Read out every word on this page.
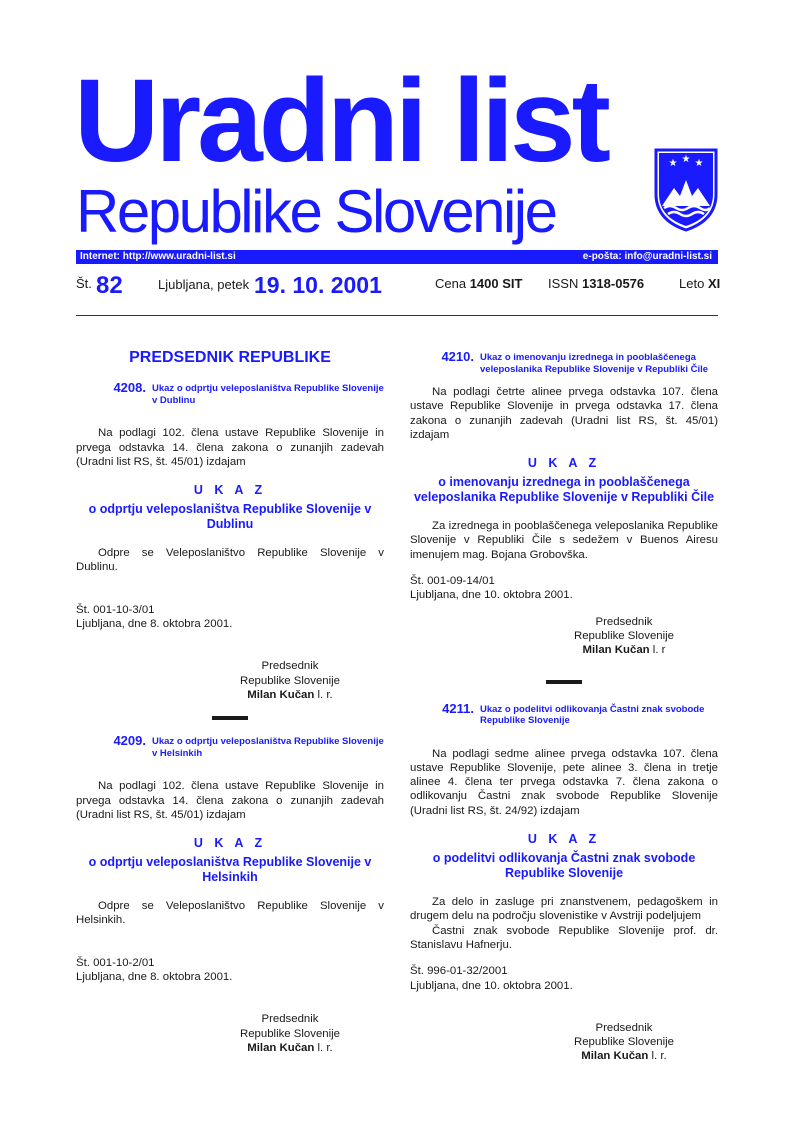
Uradni list
Republike Slovenije
★ ★ ★
Internet: http://www.uradni-list.si	e-pošta: info@uradni-list.si
Št. 82	Ljubljana, petek 19. 10. 2001	Cena 1400 SIT ISSN 1318-0576	Leto XI
PREDSEDNIK REPUBLIKE
4208. Ukaz o odprtju veleposlaništva Republike Slovenije v Dublinu

Na podlagi 102. člena ustave Republike Slovenije in prvega odstavka 14. člena zakona o zunanjih zadevah (Uradni list RS, št. 45/01) izdajam

U K A Z
o odprtju veleposlaništva Republike Slovenije v Dublinu

Odpre se Veleposlaništvo Republike Slovenije v Dublinu.

Št. 001-10-3/01

Ljubljana, dne 8. oktobra 2001.

Predsednik
Republike Slovenije
Milan Kučan l. r.
4209. Ukaz o odprtju veleposlaništva Republike Slovenije v Helsinkih

Na podlagi 102. člena ustave Republike Slovenije in prvega odstavka 14. člena zakona o zunanjih zadevah (Uradni list RS, št. 45/01) izdajam

U K A Z
o odprtju veleposlaništva Republike Slovenije v Helsinkih

Odpre se Veleposlaništvo Republike Slovenije v Helsinkih.

Št. 001-10-2/01

Ljubljana, dne 8. oktobra 2001.

Predsednik
Republike Slovenije
Milan Kučan l. r.
4210. Ukaz o imenovanju izrednega in pooblaščenega veleposlanika Republike Slovenije v Republiki Čile

Na podlagi četrte alinee prvega odstavka 107. člena ustave Republike Slovenije in prvega odstavka 17. člena zakona o zunanjih zadevah (Uradni list RS, št. 45/01) izdajam

U K A Z
o imenovanju izrednega in pooblaščenega veleposlanika Republike Slovenije v Republiki Čile

Za izrednega in pooblaščenega veleposlanika Republike Slovenije v Republiki Čile s sedežem v Buenos Airesu imenujem mag. Bojana Grobovška.

Št. 001-09-14/01

Ljubljana, dne 10. oktobra 2001.

Predsednik
Republike Slovenije
Milan Kučan l. r
4211. Ukaz o podelitvi odlikovanja Častni znak svobode Republike Slovenije

Na podlagi sedme alinee prvega odstavka 107. člena ustave Republike Slovenije, pete alinee 3. člena in tretje alinee 4. člena ter prvega odstavka 7. člena zakona o odlikovanju Častni znak svobode Republike Slovenije (Uradni list RS, št. 24/92) izdajam

U K A Z
o podelitvi odlikovanja Častni znak svobode Republike Slovenije

Za delo in zasluge pri znanstvenem, pedagoškem in drugem delu na področju slovenistike v Avstriji podeljujem

Častni znak svobode Republike Slovenije prof. dr. Stanislavu Hafnerju.

Št. 996-01-32/2001

Ljubljana, dne 10. oktobra 2001.

Predsednik
Republike Slovenije
Milan Kučan l. r.
